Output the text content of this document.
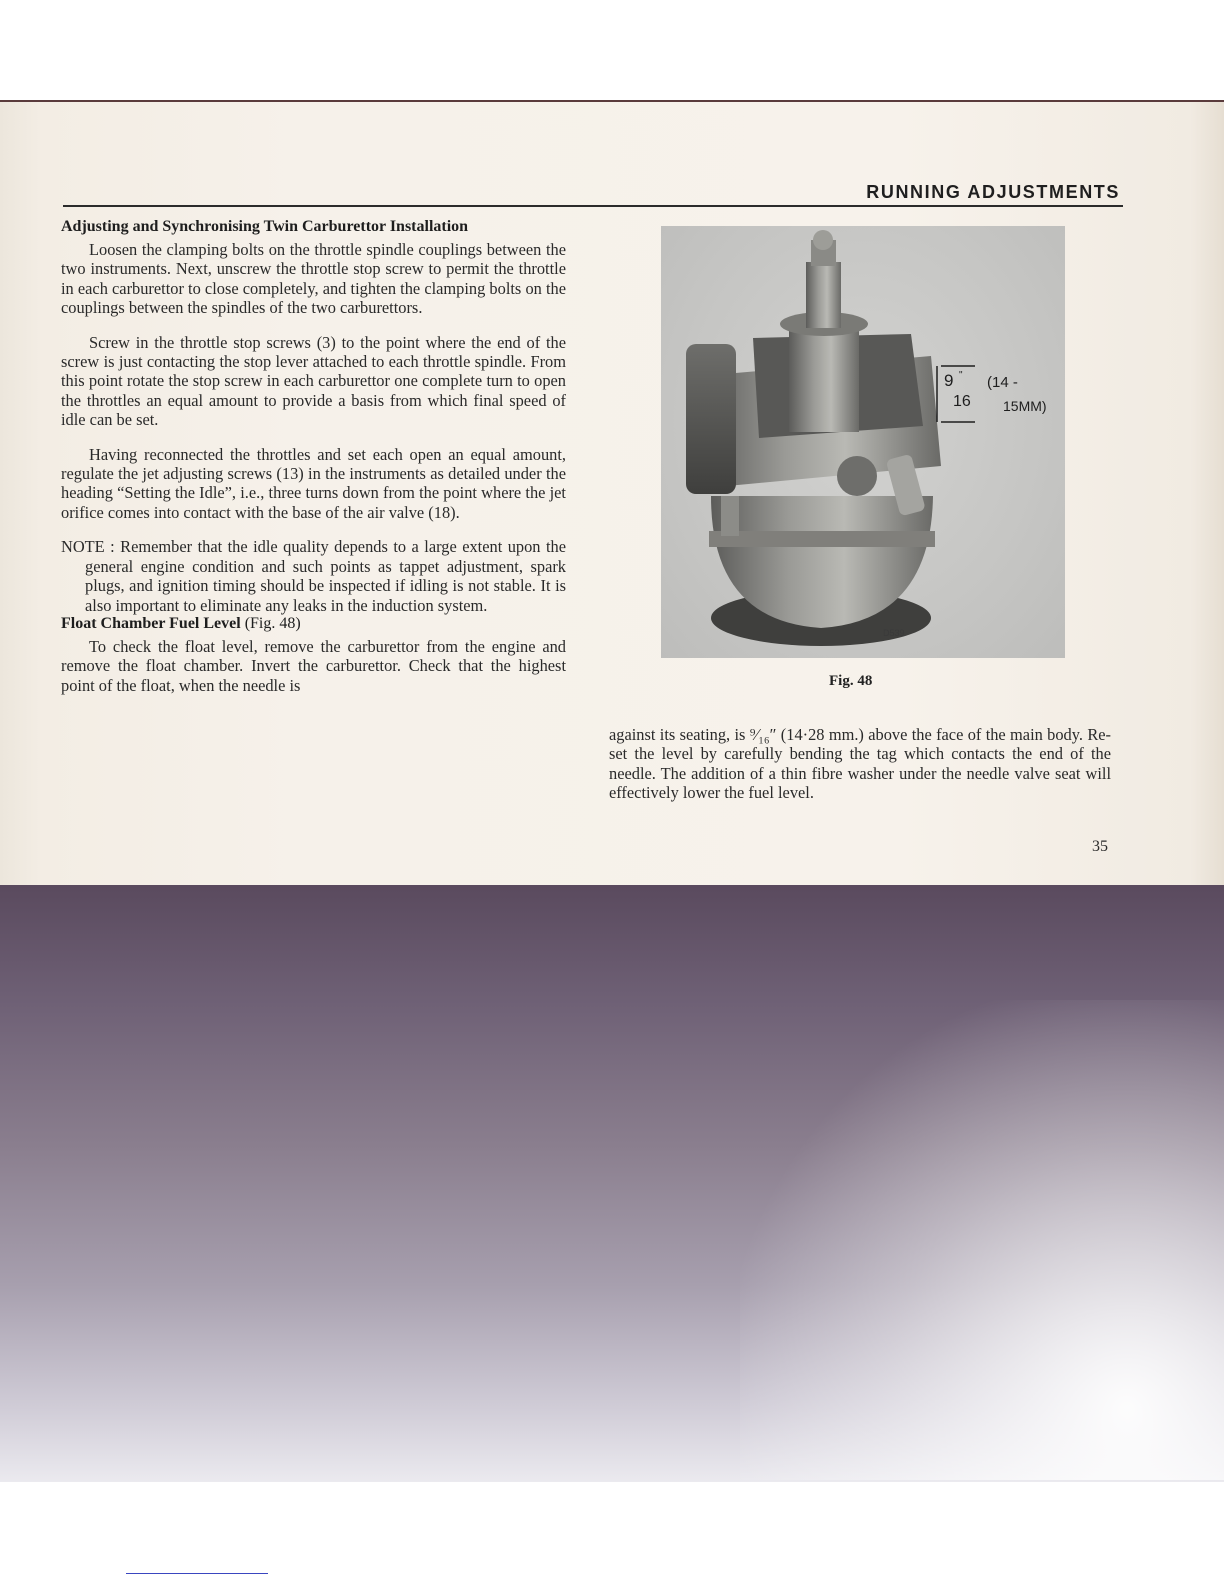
RUNNING ADJUSTMENTS
Adjusting and Synchronising Twin Carburettor Installation

Loosen the clamping bolts on the throttle spindle couplings between the two instruments. Next, unscrew the throttle stop screw to permit the throttle in each carburettor to close completely, and tighten the clamping bolts on the couplings between the spindles of the two carburettors.

Screw in the throttle stop screws (3) to the point where the end of the screw is just contacting the stop lever attached to each throttle spindle. From this point rotate the stop screw in each carburettor one complete turn to open the throttles an equal amount to provide a basis from which final speed of idle can be set.

Having reconnected the throttles and set each open an equal amount, regulate the jet adjusting screws (13) in the instruments as detailed under the heading “Setting the Idle”, i.e., three turns down from the point where the jet orifice comes into contact with the base of the air valve (18).

NOTE : Remember that the idle quality depends to a large extent upon the general engine condition and such points as tappet adjustment, spark plugs, and ignition timing should be inspected if idling is not stable. It is also important to eliminate any leaks in the induction system.

Float Chamber Fuel Level (Fig. 48)

To check the float level, remove the carburettor from the engine and remove the float chamber. Invert the carburettor. Check that the highest point of the float, when the needle is

9 "
16
(14 -
15MM)
D539
Fig. 48

against its seating, is ⁹⁄₁₆″ (14·28 mm.) above the face of the main body. Re-set the level by carefully bending the tag which contacts the end of the needle. The addition of a thin fibre washer under the needle valve seat will effectively lower the fuel level.

35
